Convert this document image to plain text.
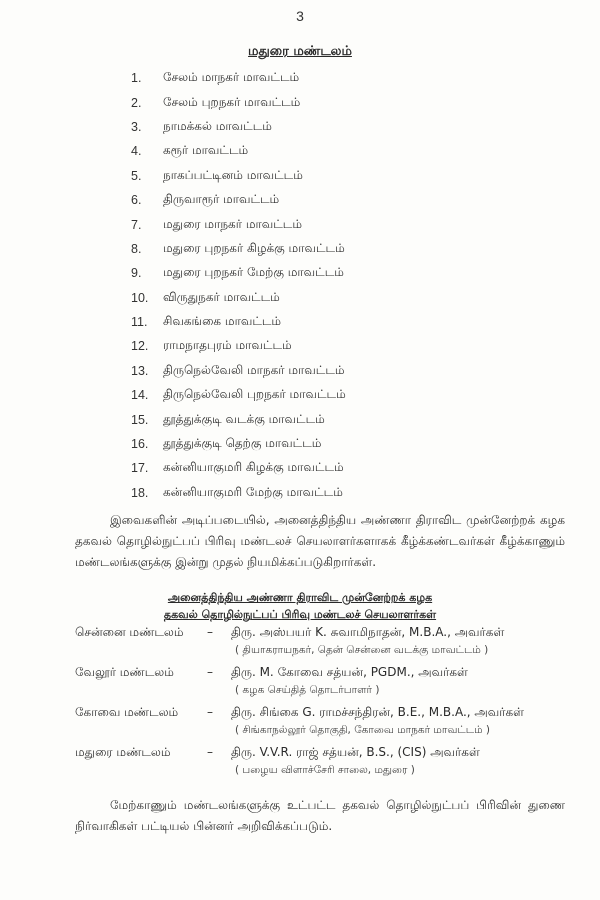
3
மதுரை மண்டலம்
1.	சேலம் மாநகர் மாவட்டம்
2.	சேலம் புறநகர் மாவட்டம்
3.	நாமக்கல் மாவட்டம்
4.	கரூர் மாவட்டம்
5.	நாகப்பட்டினம் மாவட்டம்
6.	திருவாரூர் மாவட்டம்
7.	மதுரை மாநகர் மாவட்டம்
8.	மதுரை புறநகர் கிழக்கு மாவட்டம்
9.	மதுரை புறநகர் மேற்கு மாவட்டம்
10.	விருதுநகர் மாவட்டம்
11.	சிவகங்கை மாவட்டம்
12.	ராமநாதபுரம் மாவட்டம்
13.	திருநெல்வேலி மாநகர் மாவட்டம்
14.	திருநெல்வேலி புறநகர் மாவட்டம்
15.	தூத்துக்குடி வடக்கு மாவட்டம்
16.	தூத்துக்குடி தெற்கு மாவட்டம்
17.	கன்னியாகுமரி கிழக்கு மாவட்டம்
18.	கன்னியாகுமரி மேற்கு மாவட்டம்
இவைகளின் அடிப்படையில், அனைத்திந்திய அண்ணா திராவிட முன்னேற்றக் கழக தகவல் தொழில்நுட்பப் பிரிவு மண்டலச் செயலாளர்களாகக் கீழ்க்கண்டவர்கள் கீழ்க்காணும் மண்டலங்களுக்கு இன்று முதல் நியமிக்கப்படுகிறார்கள்.
அனைத்திந்திய அண்ணா திராவிட முன்னேற்றக் கழக
தகவல் தொழில்நுட்பப் பிரிவு மண்டலச் செயலாளர்கள்
சென்னை மண்டலம்	–	திரு. அஸ்பயர் K. சுவாமிநாதன், M.B.A., அவர்கள்
( தியாகராயநகர், தென் சென்னை வடக்கு மாவட்டம் )
வேலூர் மண்டலம்	–	திரு. M. கோவை சத்யன், PGDM., அவர்கள்
( கழக செய்தித் தொடர்பாளர் )
கோவை மண்டலம்	–	திரு. சிங்கை G. ராமச்சந்திரன், B.E., M.B.A., அவர்கள்
( சிங்காநல்லூர் தொகுதி, கோவை மாநகர் மாவட்டம் )
மதுரை மண்டலம்	–	திரு. V.V.R. ராஜ் சத்யன், B.S., (CIS) அவர்கள்
( பழைய விளாச்சேரி சாலை, மதுரை )
மேற்காணும் மண்டலங்களுக்கு உட்பட்ட தகவல் தொழில்நுட்பப் பிரிவின் துணை நிர்வாகிகள் பட்டியல் பின்னர் அறிவிக்கப்படும்.
